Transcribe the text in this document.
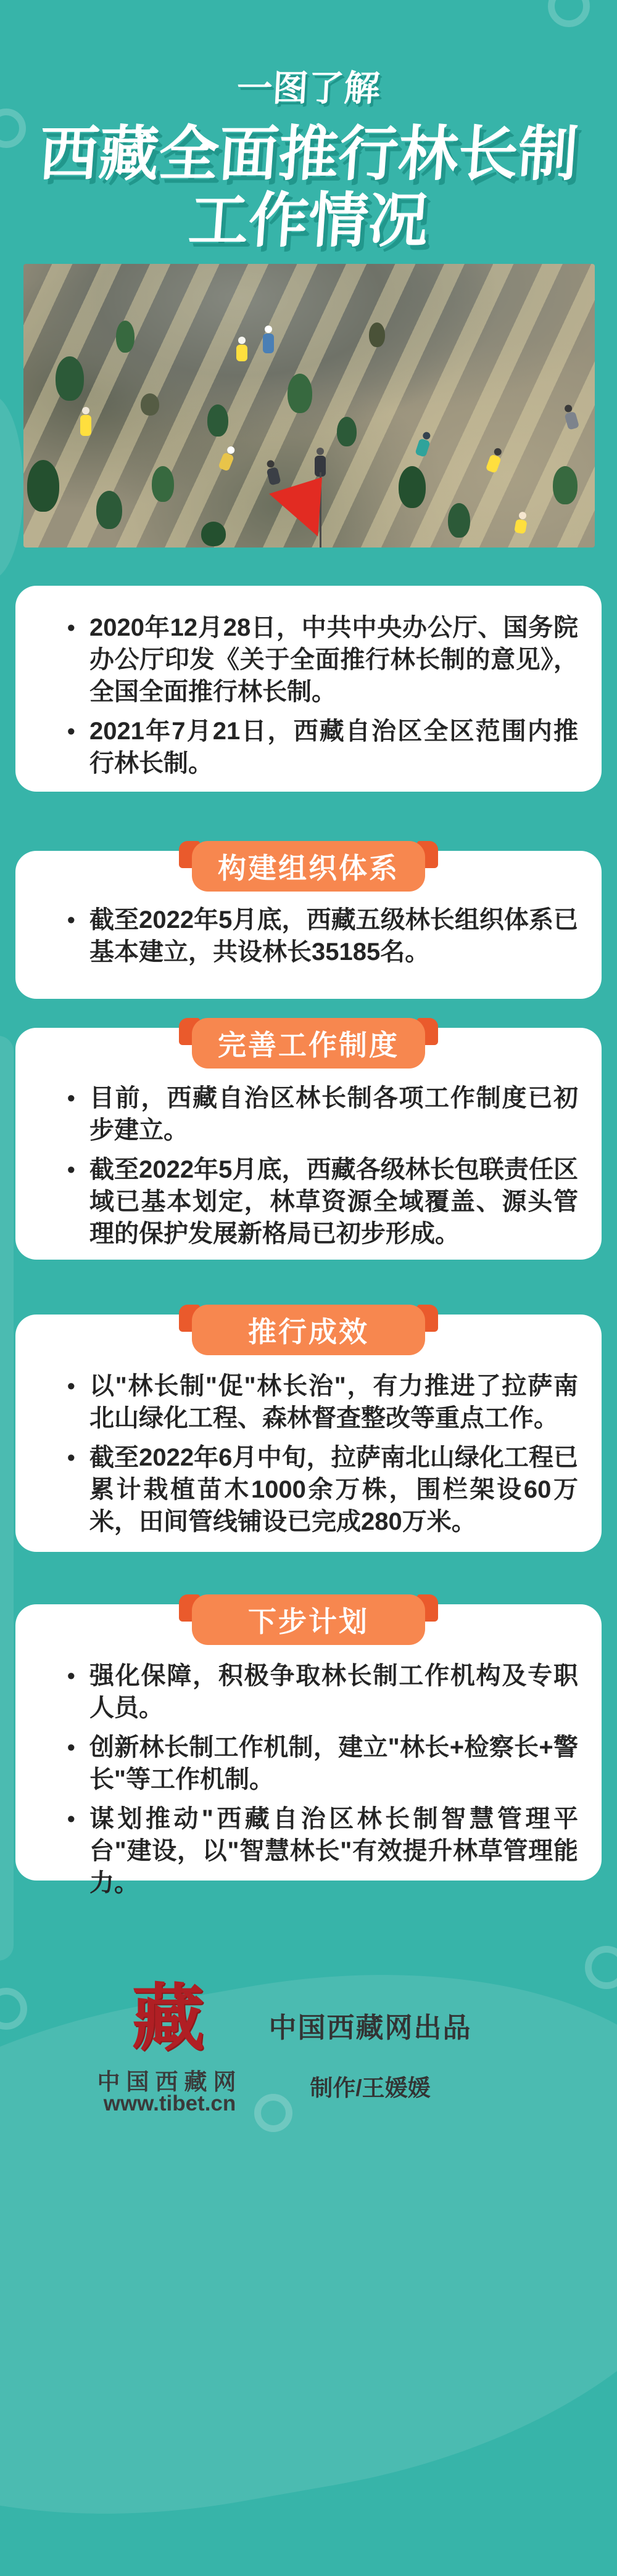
一图了解
西藏全面推行林长制
工作情况
• 2020年12月28日，中共中央办公厅、国务院办公厅印发《关于全面推行林长制的意见》，全国全面推行林长制。
• 2021年7月21日，西藏自治区全区范围内推行林长制。
• 截至2022年5月底，西藏五级林长组织体系已基本建立，共设林长35185名。
构建组织体系
• 目前，西藏自治区林长制各项工作制度已初步建立。
• 截至2022年5月底，西藏各级林长包联责任区域已基本划定，林草资源全域覆盖、源头管理的保护发展新格局已初步形成。
完善工作制度
• 以"林长制"促"林长治"，有力推进了拉萨南北山绿化工程、森林督查整改等重点工作。
• 截至2022年6月中旬，拉萨南北山绿化工程已累计栽植苗木1000余万株，围栏架设60万米，田间管线铺设已完成280万米。
推行成效
• 强化保障，积极争取林长制工作机构及专职人员。
• 创新林长制工作机制，建立"林长+检察长+警长"等工作机制。
• 谋划推动"西藏自治区林长制智慧管理平台"建设，以"智慧林长"有效提升林草管理能力。
下步计划
藏
中国西藏网
www.tibet.cn
中国西藏网出品
制作/王媛媛
